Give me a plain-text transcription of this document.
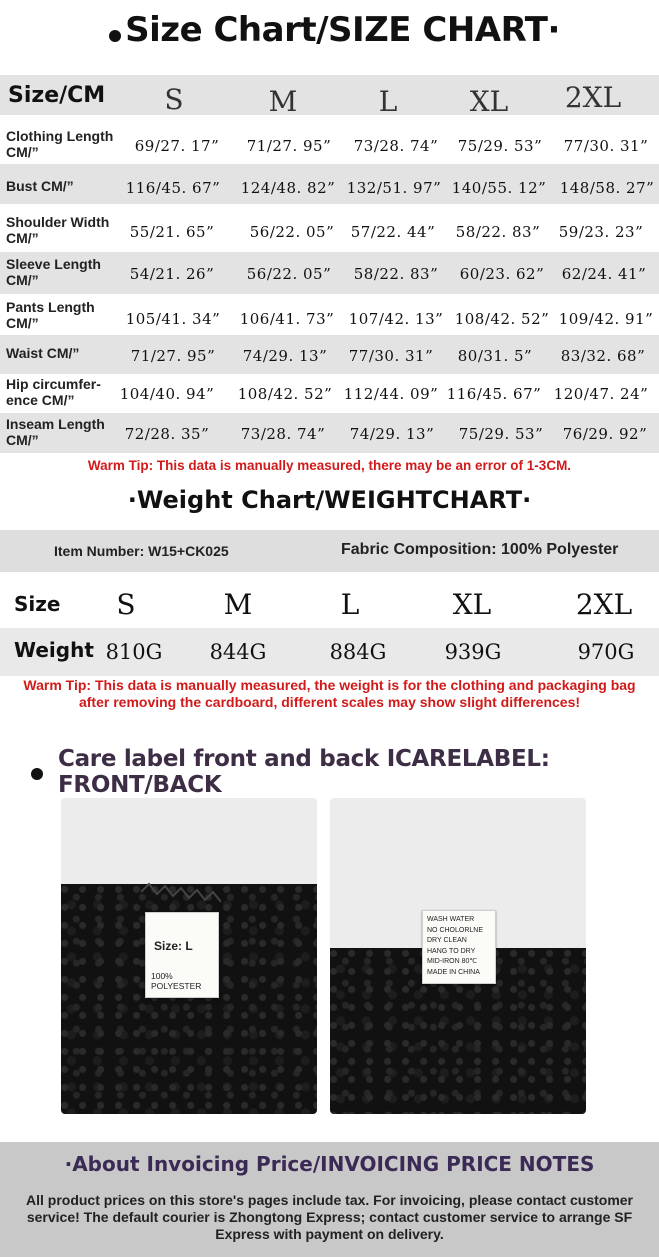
Size Chart/SIZE CHART·
Size/CM	S	M	L	XL	2XL
Clothing Length CM/”	69/27. 17”	71/27. 95”	73/28. 74”	75/29. 53”	77/30. 31”
Bust CM/”	116/45. 67”	124/48. 82” 132/51. 97” 140/55. 12” 148/58. 27”
Shoulder Width CM/”	55/21. 65”	56/22. 05”	57/22. 44”	58/22. 83”	59/23. 23”
Sleeve Length CM/”	54/21. 26”	56/22. 05”	58/22. 83”	60/23. 62”	62/24. 41”
Pants Length CM/”	105/41. 34”	106/41. 73” 107/42. 13” 108/42. 52” 109/42. 91”
Waist CM/”	71/27. 95”	74/29. 13”	77/30. 31”	80/31. 5”	83/32. 68”
Hip circumfer- ence CM/”	104/40. 94”	108/42. 52” 112/44. 09” 116/45. 67” 120/47. 24”
Inseam Length CM/”	72/28. 35”	73/28. 74”	74/29. 13”	75/29. 53”	76/29. 92”
Warm Tip: This data is manually measured, there may be an error of 1-3CM.
·Weight Chart/WEIGHTCHART·
Item Number: W15+CK025	Fabric Composition: 100% Polyester
Size	S	M	L	XL	2XL
Weight 810G	844G	884G	939G	970G
Warm Tip: This data is manually measured, the weight is for the clothing and packaging bag after removing the cardboard, different scales may show slight differences!
Care label front and back ICARELABEL: FRONT/BACK
Size: L
100% POLYESTER
WASH WATER
NO CHOLORLNE
DRY CLEAN
HANG TO DRY
MID-IRON 80℃
MADE IN CHINA
·About Invoicing Price/INVOICING PRICE NOTES
All product prices on this store's pages include tax. For invoicing, please contact customer service! The default courier is Zhongtong Express; contact customer service to arrange SF Express with payment on delivery.
